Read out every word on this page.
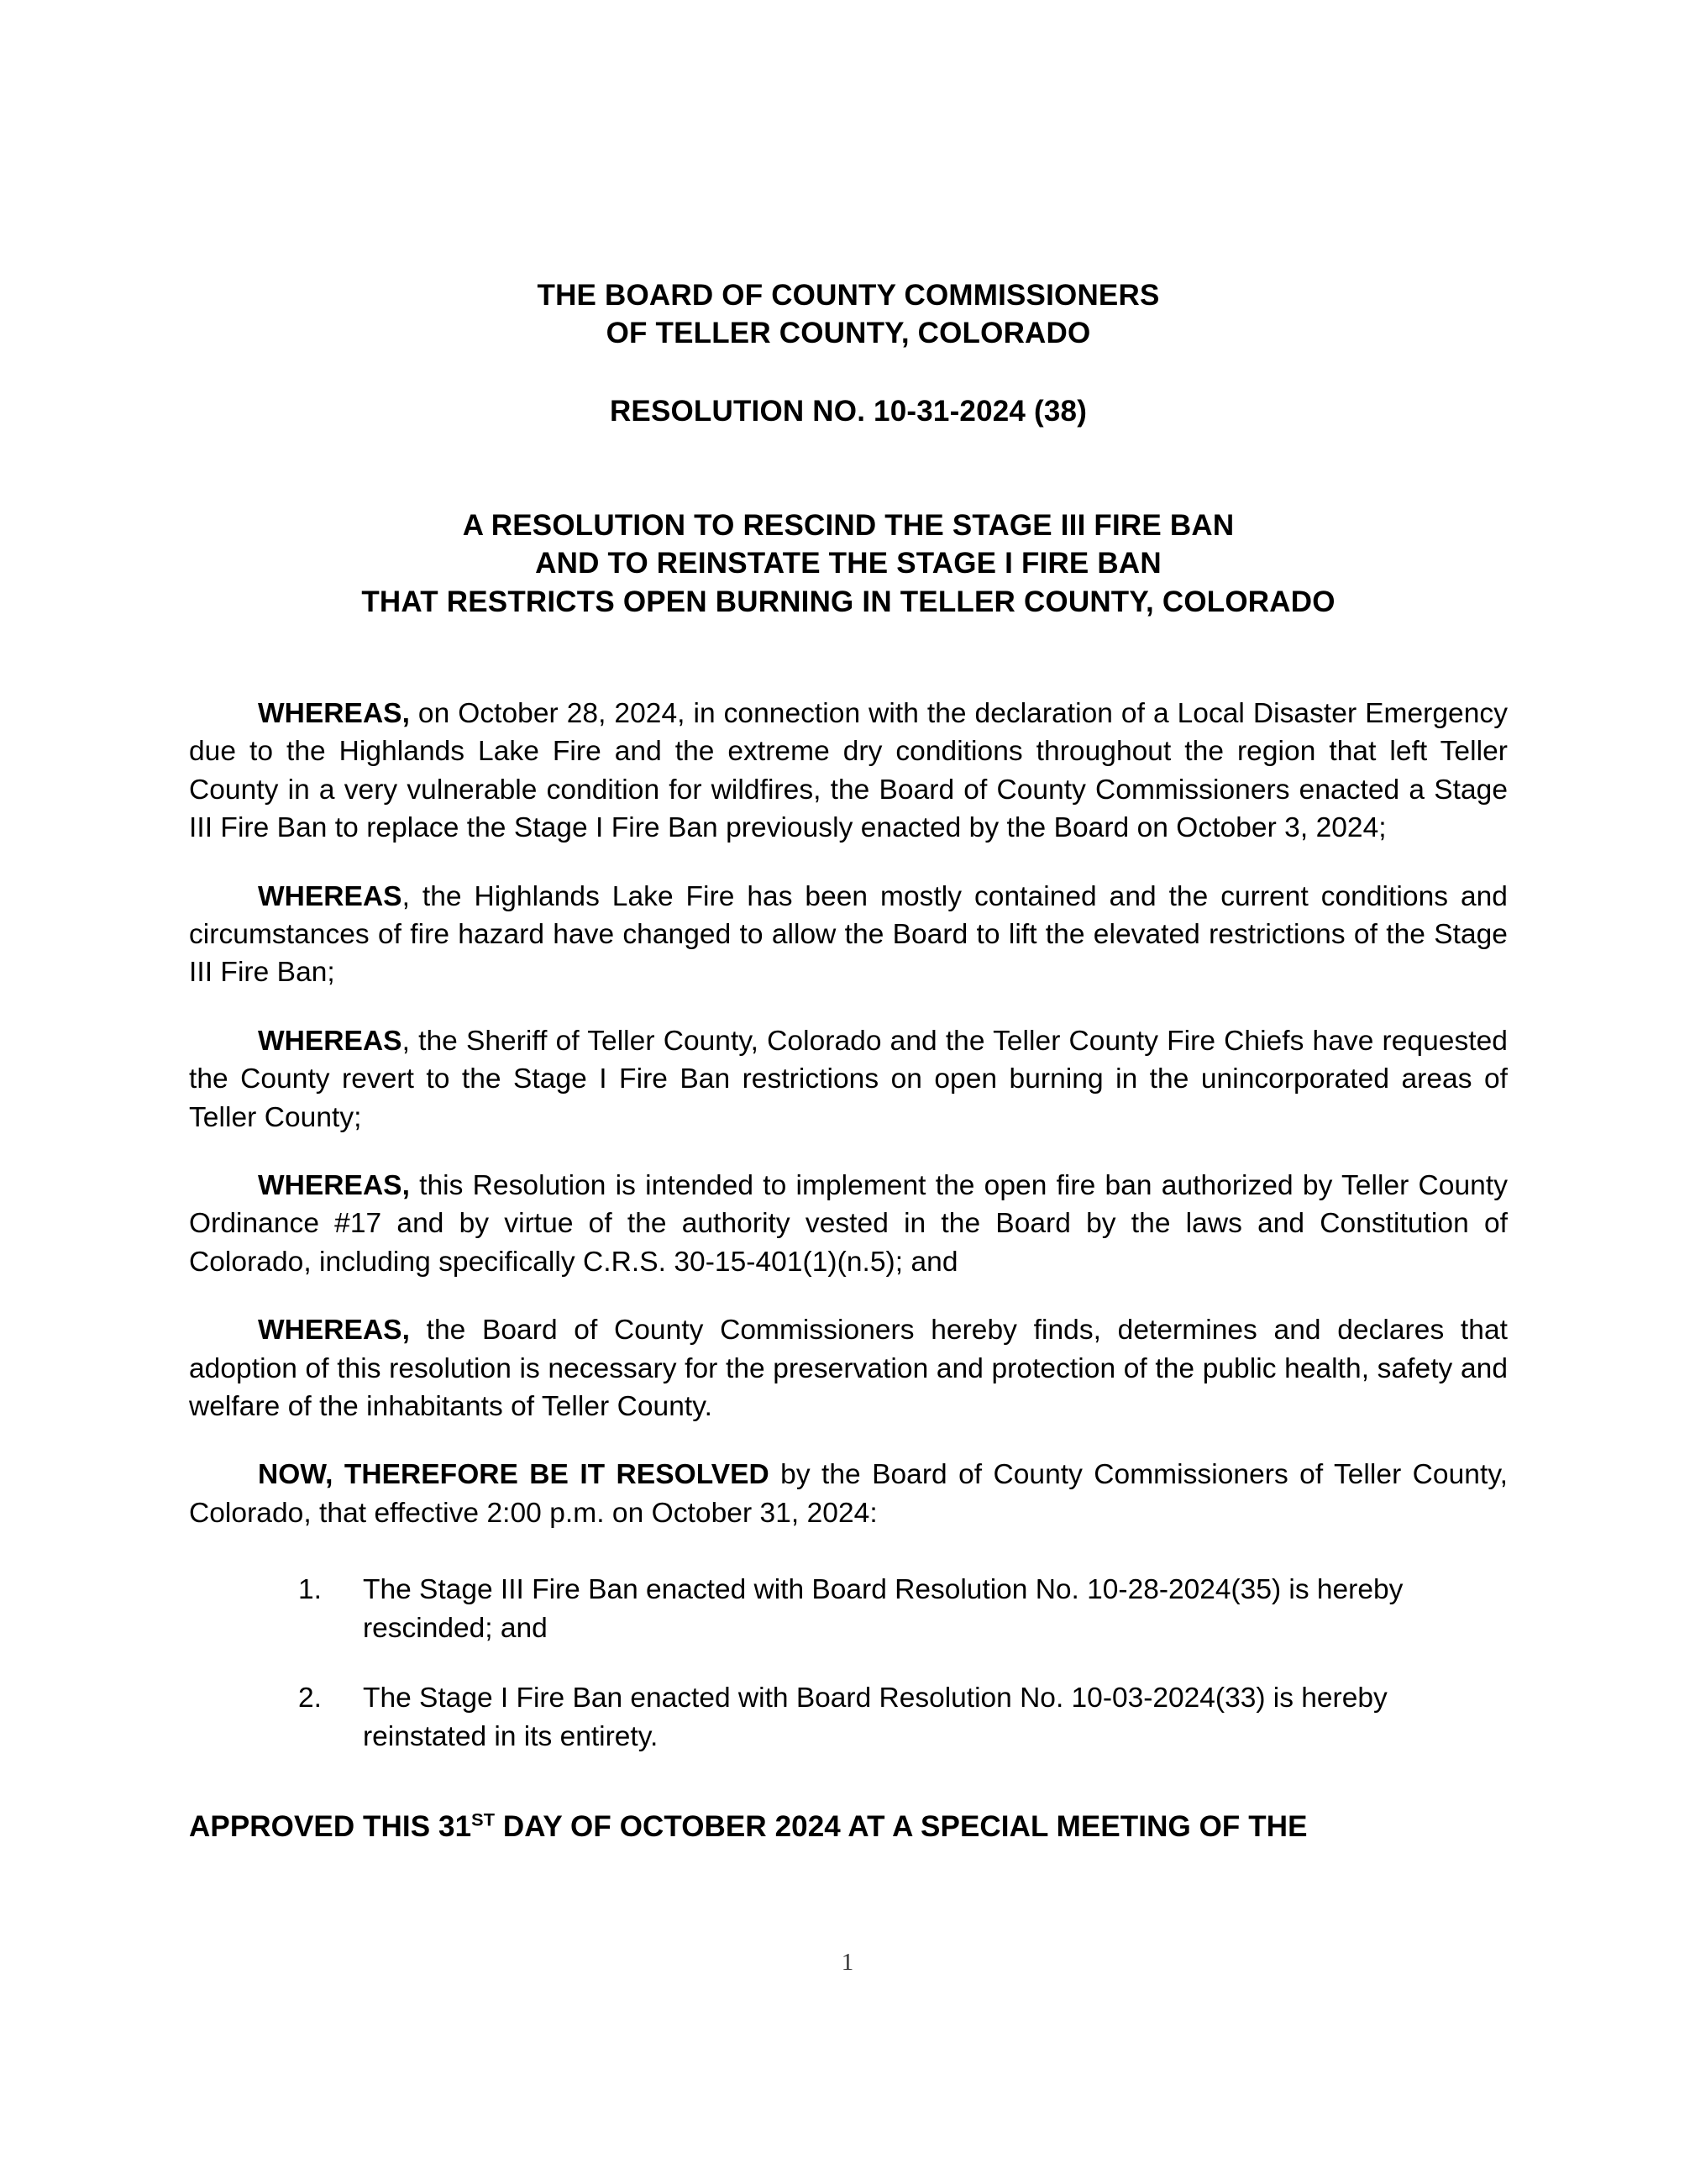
THE BOARD OF COUNTY COMMISSIONERS
OF TELLER COUNTY, COLORADO
RESOLUTION NO. 10-31-2024 (38)
A RESOLUTION TO RESCIND THE STAGE III FIRE BAN
AND TO REINSTATE THE STAGE I FIRE BAN
THAT RESTRICTS OPEN BURNING IN TELLER COUNTY, COLORADO

WHEREAS, on October 28, 2024, in connection with the declaration of a Local Disaster Emergency due to the Highlands Lake Fire and the extreme dry conditions throughout the region that left Teller County in a very vulnerable condition for wildfires, the Board of County Commissioners enacted a Stage III Fire Ban to replace the Stage I Fire Ban previously enacted by the Board on October 3, 2024;

WHEREAS, the Highlands Lake Fire has been mostly contained and the current conditions and circumstances of fire hazard have changed to allow the Board to lift the elevated restrictions of the Stage III Fire Ban;

WHEREAS, the Sheriff of Teller County, Colorado and the Teller County Fire Chiefs have requested the County revert to the Stage I Fire Ban restrictions on open burning in the unincorporated areas of Teller County;

WHEREAS, this Resolution is intended to implement the open fire ban authorized by Teller County Ordinance #17 and by virtue of the authority vested in the Board by the laws and Constitution of Colorado, including specifically C.R.S. 30-15-401(1)(n.5); and

WHEREAS, the Board of County Commissioners hereby finds, determines and declares that adoption of this resolution is necessary for the preservation and protection of the public health, safety and welfare of the inhabitants of Teller County.

NOW, THEREFORE BE IT RESOLVED by the Board of County Commissioners of Teller County, Colorado, that effective 2:00 p.m. on October 31, 2024:

1.	The Stage III Fire Ban enacted with Board Resolution No. 10-28-2024(35) is hereby rescinded; and
2.	The Stage I Fire Ban enacted with Board Resolution No. 10-03-2024(33) is hereby reinstated in its entirety.
APPROVED THIS 31ST DAY OF OCTOBER 2024 AT A SPECIAL MEETING OF THE
1
